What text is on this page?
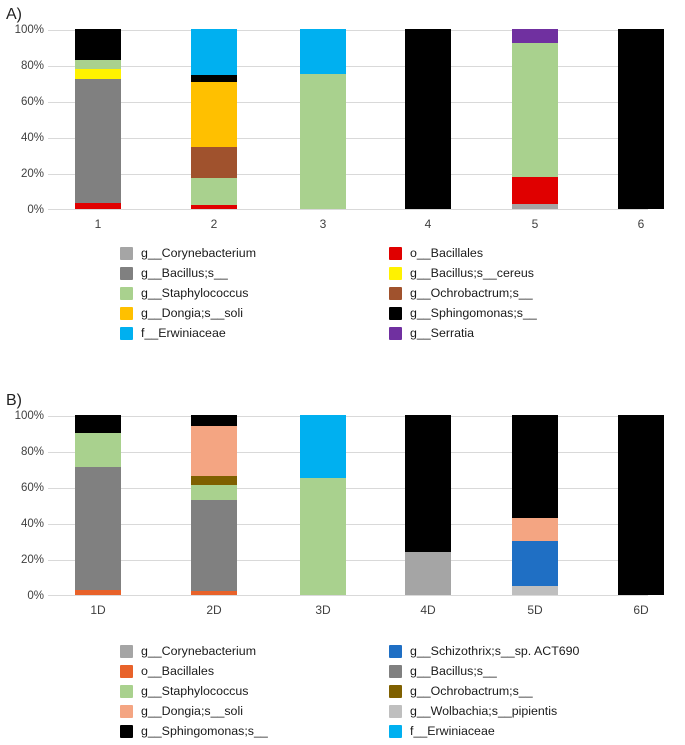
A)
0%
20%
40%
60%
80%
100%
1	2	3	4	5	6
g__Corynebacterium	o__Bacillales
g__Bacillus;s__	g__Bacillus;s__cereus
g__Staphylococcus	g__Ochrobactrum;s__
g__Dongia;s__soli	g__Sphingomonas;s__
f__Erwiniaceae	g__Serratia
B)
0%
20%
40%
60%
80%
100%
1D	2D	3D	4D	5D	6D
g__Corynebacterium	g__Schizothrix;s__sp. ACT690
o__Bacillales	g__Bacillus;s__
g__Staphylococcus	g__Ochrobactrum;s__
g__Dongia;s__soli	g__Wolbachia;s__pipientis
g__Sphingomonas;s__	f__Erwiniaceae
